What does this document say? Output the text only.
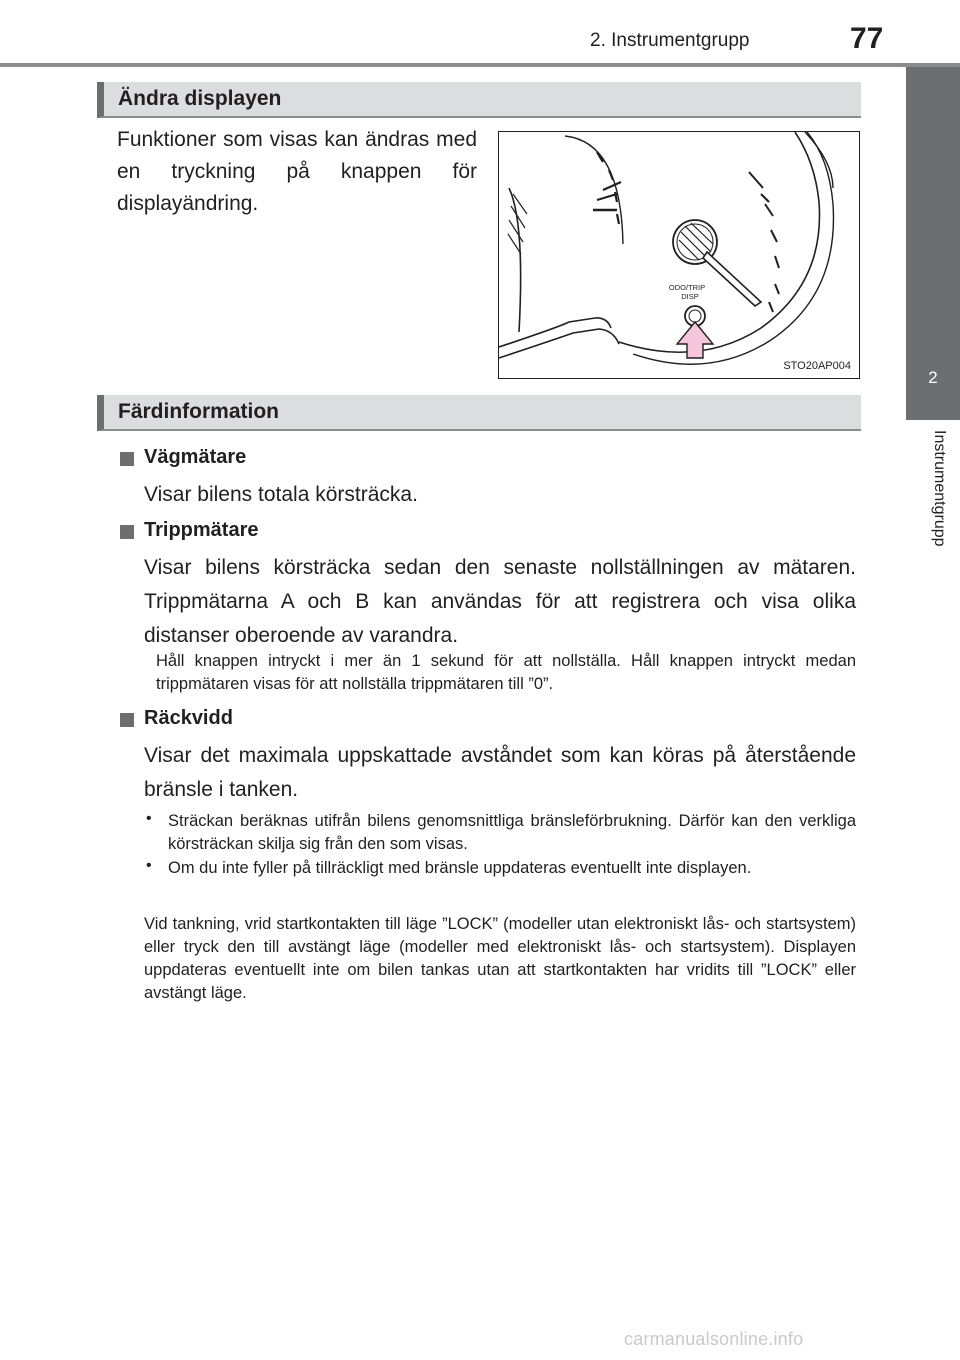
2. Instrumentgrupp	77
2
Instrumentgrupp
Ändra displayen

Funktioner som visas kan ändras med en tryckning på knappen för displayändring.

ODO/TRIP
DISP
STO20AP004
Färdinformation
Vägmätare

Visar bilens totala körsträcka.

Trippmätare

Visar bilens körsträcka sedan den senaste nollställningen av mätaren. Trippmätarna A och B kan användas för att registrera och visa olika distanser oberoende av varandra.

Håll knappen intryckt i mer än 1 sekund för att nollställa. Håll knappen intryckt medan trippmätaren visas för att nollställa trippmätaren till ”0”.

Räckvidd

Visar det maximala uppskattade avståndet som kan köras på återstående bränsle i tanken.

• Sträckan beräknas utifrån bilens genomsnittliga bränsleförbrukning. Därför kan den verkliga körsträckan skilja sig från den som visas.

• Om du inte fyller på tillräckligt med bränsle uppdateras eventuellt inte displayen.

Vid tankning, vrid startkontakten till läge ”LOCK” (modeller utan elektroniskt lås- och startsystem) eller tryck den till avstängt läge (modeller med elektroniskt lås- och startsystem). Displayen uppdateras eventuellt inte om bilen tankas utan att startkontakten har vridits till ”LOCK” eller avstängt läge.

carmanualsonline.info
